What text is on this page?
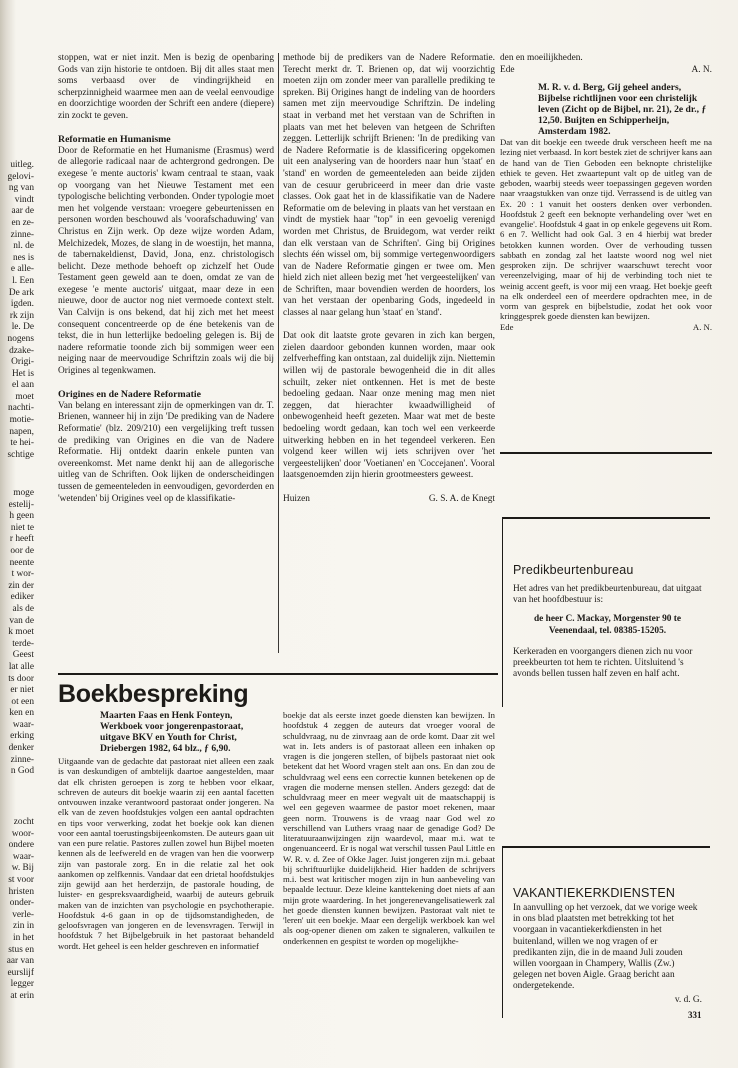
uitleg.

gelovi-

ng van

vindt

aar de

en ze-

zinne-

nl. de

nes is

e alle-

l. Een

De ark

igden.

rk zijn

le. De

nogens

dzake-

Origi-

Het is

el aan

moet

nachti-

motie-

napen,

te hei-

schtige

moge

estelij-

h geen

niet te

r heeft

oor de

neente

t wor-

zin der

ediker

als de

van de

k moet

terde-

Geest

lat alle

ts door

er niet

ot een

ken en

waar-

erking

denker

zinne-

n God

zocht

woor-

ondere

waar-

w. Bij

st voor

hristen

onder-

verle-

zin in

in het

stus en

aar van

eurslijf

legger

at erin

stoppen, wat er niet inzit. Men is bezig de openbaring Gods van zijn historie te ontdoen. Bij dit alles staat men soms verbaasd over de vindingrijkheid en scherpzinnigheid waarmee men aan de veelal eenvoudige en doorzichtige woorden der Schrift een andere (diepere) zin zockt te geven.

Reformatie en Humanisme

Door de Reformatie en het Humanisme (Erasmus) werd de allegorie radicaal naar de achtergrond gedrongen. De exegese 'e mente auctoris' kwam centraal te staan, vaak op voorgang van het Nieuwe Testament met een typologische belichting verbonden. Onder typologie moet men het volgende verstaan: vroegere gebeurtenissen en personen worden beschouwd als 'voorafschaduwing' van Christus en Zijn werk. Op deze wijze worden Adam, Melchizedek, Mozes, de slang in de woestijn, het manna, de tabernakeldienst, David, Jona, enz. christologisch belicht. Deze methode behoeft op zichzelf het Oude Testament geen geweld aan te doen, omdat ze van de exegese 'e mente auctoris' uitgaat, maar deze in een nieuwe, door de auctor nog niet vermoede context stelt. Van Calvijn is ons bekend, dat hij zich met het meest consequent concentreerde op de éne betekenis van de tekst, die in hun letterlijke bedoeling gelegen is. Bij de nadere reformatie toonde zich bij sommigen weer een neiging naar de meervoudige Schriftzin zoals wij die bij Origines al tegenkwamen.

Origines en de Nadere Reformatie

Van belang en interessant zijn de opmerkingen van dr. T. Brienen, wanneer hij in zijn 'De prediking van de Nadere Reformatie' (blz. 209/210) een vergelijking treft tussen de prediking van Origines en die van de Nadere Reformatie. Hij ontdekt daarin enkele punten van overeenkomst. Met name denkt hij aan de allegorische uitleg van de Schriften. Ook lijken de onderscheidingen tussen de gemeenteleden in eenvoudigen, gevorderden en 'wetenden' bij Origines veel op de klassifikatie-

methode bij de predikers van de Nadere Reformatie. Terecht merkt dr. T. Brienen op, dat wij voorzichtig moeten zijn om zonder meer van parallelle prediking te spreken. Bij Origines hangt de indeling van de hoorders samen met zijn meervoudige Schriftzin. De indeling staat in verband met het verstaan van de Schriften in plaats van met het beleven van hetgeen de Schriften zeggen. Letterlijk schrijft Brienen: 'In de prediking van de Nadere Reformatie is de klassificering opgekomen uit een analysering van de hoorders naar hun 'staat' en 'stand' en worden de gemeenteleden aan beide zijden van de cesuur gerubriceerd in meer dan drie vaste classes. Ook gaat het in de klassifikatie van de Nadere Reformatie om de beleving in plaats van het verstaan en vindt de mystiek haar ''top'' in een gevoelig verenigd worden met Christus, de Bruidegom, wat verder reikt dan elk verstaan van de Schriften'. Ging bij Origines slechts één wissel om, bij sommige vertegenwoordigers van de Nadere Reformatie gingen er twee om. Men hield zich niet alleen bezig met 'het vergeestelijken' van de Schriften, maar bovendien werden de hoorders, los van het verstaan der openbaring Gods, ingedeeld in classes al naar gelang hun 'staat' en 'stand'.

Dat ook dit laatste grote gevaren in zich kan bergen, zielen daardoor gebonden kunnen worden, maar ook zelfverheffing kan ontstaan, zal duidelijk zijn. Niettemin willen wij de pastorale bewogenheid die in dit alles schuilt, zeker niet ontkennen. Het is met de beste bedoeling gedaan. Naar onze mening mag men niet zeggen, dat hierachter kwaadwilligheid of onbewogenheid heeft gezeten. Maar wat met de beste bedoeling wordt gedaan, kan toch wel een verkeerde uitwerking hebben en in het tegendeel verkeren. Een volgend keer willen wij iets schrijven over 'het vergeestelijken' door 'Voetianen' en 'Coccejanen'. Vooral laatsgenoemden zijn hierin grootmeesters geweest.

Huizen	G. S. A. de Knegt

den en moeilijkheden.

Ede	A. N.

M. R. v. d. Berg, Gij geheel anders, Bijbelse richtlijnen voor een christelijk leven (Zicht op de Bijbel, nr. 21), 2e dr., ƒ 12,50. Buijten en Schipperheijn, Amsterdam 1982.

Dat van dit boekje een tweede druk verscheen heeft me na lezing niet verbaasd. In kort bestek ziet de schrijver kans aan de hand van de Tien Geboden een beknopte christelijke ethiek te geven. Het zwaartepunt valt op de uitleg van de geboden, waarbij steeds weer toepassingen gegeven worden naar vraagstukken van onze tijd. Verrassend is de uitleg van Ex. 20 : 1 vanuit het oosters denken over verbonden. Hoofdstuk 2 geeft een beknopte verhandeling over 'wet en evangelie'. Hoofdstuk 4 gaat in op enkele gegevens uit Rom. 6 en 7. Wellicht had ook Gal. 3 en 4 hierbij wat breder betokken kunnen worden. Over de verhouding tussen sabbath en zondag zal het laatste woord nog wel niet gesproken zijn. De schrijver waarschuwt terecht voor vereenzelviging, maar of hij de verbinding toch niet te weinig accent geeft, is voor mij een vraag. Het boekje geeft na elk onderdeel een of meerdere opdrachten mee, in de vorm van gesprek en bijbelstudie, zodat het ook voor kringgesprek goede diensten kan bewijzen.

Ede	A. N.

Predikbeurtenbureau

Het adres van het predikbeurtenbureau, dat uitgaat van het hoofdbestuur is:

de heer C. Mackay, Morgenster 90 te Veenendaal, tel. 08385-15205.

Kerkeraden en voorgangers dienen zich nu voor preekbeurten tot hem te richten. Uitsluitend 's avonds bellen tussen half zeven en half acht.

Boekbespreking
Maarten Faas en Henk Fonteyn, Werkboek voor jongerenpastoraat, uitgave BKV en Youth for Christ, Driebergen 1982, 64 blz., ƒ 6,90.

Uitgaande van de gedachte dat pastoraat niet alleen een zaak is van deskundigen of ambtelijk daartoe aangestelden, maar dat elk christen geroepen is zorg te hebben voor elkaar, schreven de auteurs dit boekje waarin zij een aantal facetten ontvouwen inzake verantwoord pastoraat onder jongeren. Na elk van de zeven hoofdstukjes volgen een aantal opdrachten en tips voor verwerking, zodat het boekje ook kan dienen voor een aantal toerustingsbijeenkomsten. De auteurs gaan uit van een pure relatie. Pastores zullen zowel hun Bijbel moeten kennen als de leefwereld en de vragen van hen die voorwerp zijn van pastorale zorg. En in die relatie zal het ook aankomen op zelfkennis. Vandaar dat een drietal hoofdstukjes zijn gewijd aan het herderzijn, de pastorale houding, de luister- en gespreksvaardigheid, waarbij de auteurs gebruik maken van de inzichten van psychologie en psychotherapie. Hoofdstuk 4-6 gaan in op de tijdsomstandigheden, de geloofsvragen van jongeren en de levensvragen. Terwijl in hoofdstuk 7 het Bijbelgebruik in het pastoraat behandeld wordt. Het geheel is een helder geschreven en informatief

boekje dat als eerste inzet goede diensten kan bewijzen. In hoofdstuk 4 zeggen de auteurs dat vroeger vooral de schuldvraag, nu de zinvraag aan de orde komt. Daar zit wel wat in. Iets anders is of pastoraat alleen een inhaken op vragen is die jongeren stellen, of bijbels pastoraat niet ook betekent dat het Woord vragen stelt aan ons. En dan zou de schuldvraag wel eens een correctie kunnen betekenen op de vragen die moderne mensen stellen. Anders gezegd: dat de schuldvraag meer en meer wegvalt uit de maatschappij is wel een gegeven waarmee de pastor moet rekenen, maar geen norm. Trouwens is de vraag naar God wel zo verschillend van Luthers vraag naar de genadige God? De literatuuraanwijzingen zijn waardevol, maar m.i. wat te ongenuanceerd. Er is nogal wat verschil tussen Paul Little en W. R. v. d. Zee of Okke Jager. Juist jongeren zijn m.i. gebaat bij schriftuurlijke duidelijkheid. Hier hadden de schrijvers m.i. best wat kritischer mogen zijn in hun aanbeveling van bepaalde lectuur. Deze kleine kanttekening doet niets af aan mijn grote waardering. In het jongerenevangelisatiewerk zal het goede diensten kunnen bewijzen. Pastoraat valt niet te 'leren' uit een boekje. Maar een dergelijk werkboek kan wel als oog-opener dienen om zaken te signaleren, valkuilen te onderkennen en gespitst te worden op mogelijkhe-

VAKANTIEKERKDIENSTEN

In aanvulling op het verzoek, dat we vorige week in ons blad plaatsten met betrekking tot het voorgaan in vacantiekerkdiensten in het buitenland, willen we nog vragen of er predikanten zijn, die in de maand Juli zouden willen voorgaan in Champery, Wallis (Zw.) gelegen net boven Aigle. Graag bericht aan ondergetekende.

v. d. G.

331
